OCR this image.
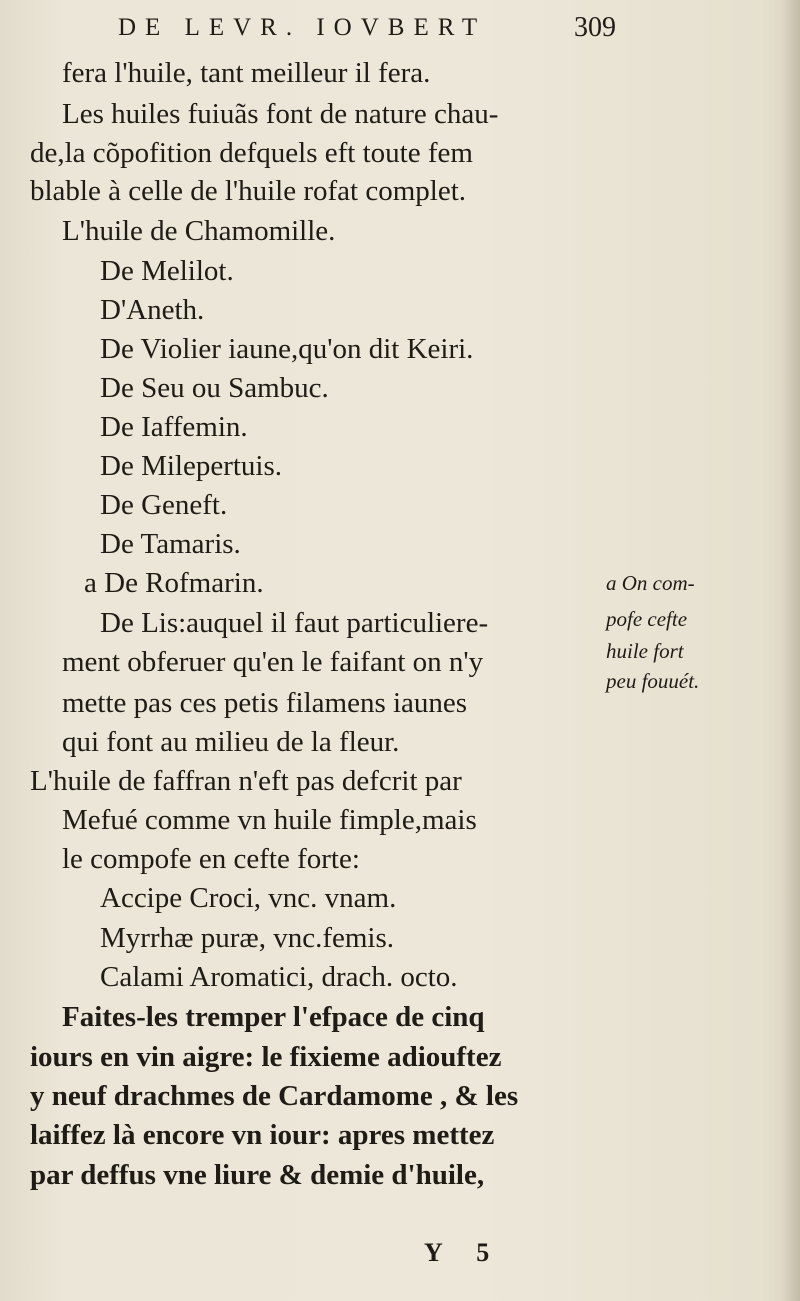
DE LEVR. IOVBERT	309
fera l'huile, tant meilleur il fera.
Les huiles fuiuãs font de nature chau-
de,la cõpofition defquels eft toute fem
blable à celle de l'huile rofat complet.
L'huile de Chamomille.
De Melilot.
D'Aneth.
De Violier iaune,qu'on dit Keiri.
De Seu ou Sambuc.
De Iaffemin.
De Milepertuis.
De Geneft.
De Tamaris.
a De Rofmarin.
De Lis:auquel il faut particuliere-
ment obferuer qu'en le faifant on n'y
mette pas ces petis filamens iaunes
qui font au milieu de la fleur.
L'huile de faffran n'eft pas defcrit par
Mefué comme vn huile fimple,mais
le compofe en cefte forte:
Accipe Croci, vnc. vnam.
Myrrhæ puræ, vnc.femis.
Calami Aromatici, drach. octo.
Faites-les tremper l'efpace de cinq
iours en vin aigre: le fixieme adiouftez
y neuf drachmes de Cardamome , & les
laiffez là encore vn iour: apres mettez
par deffus vne liure & demie d'huile,
a On com-
pofe cefte
huile fort
peu fouuét.
Y 5
